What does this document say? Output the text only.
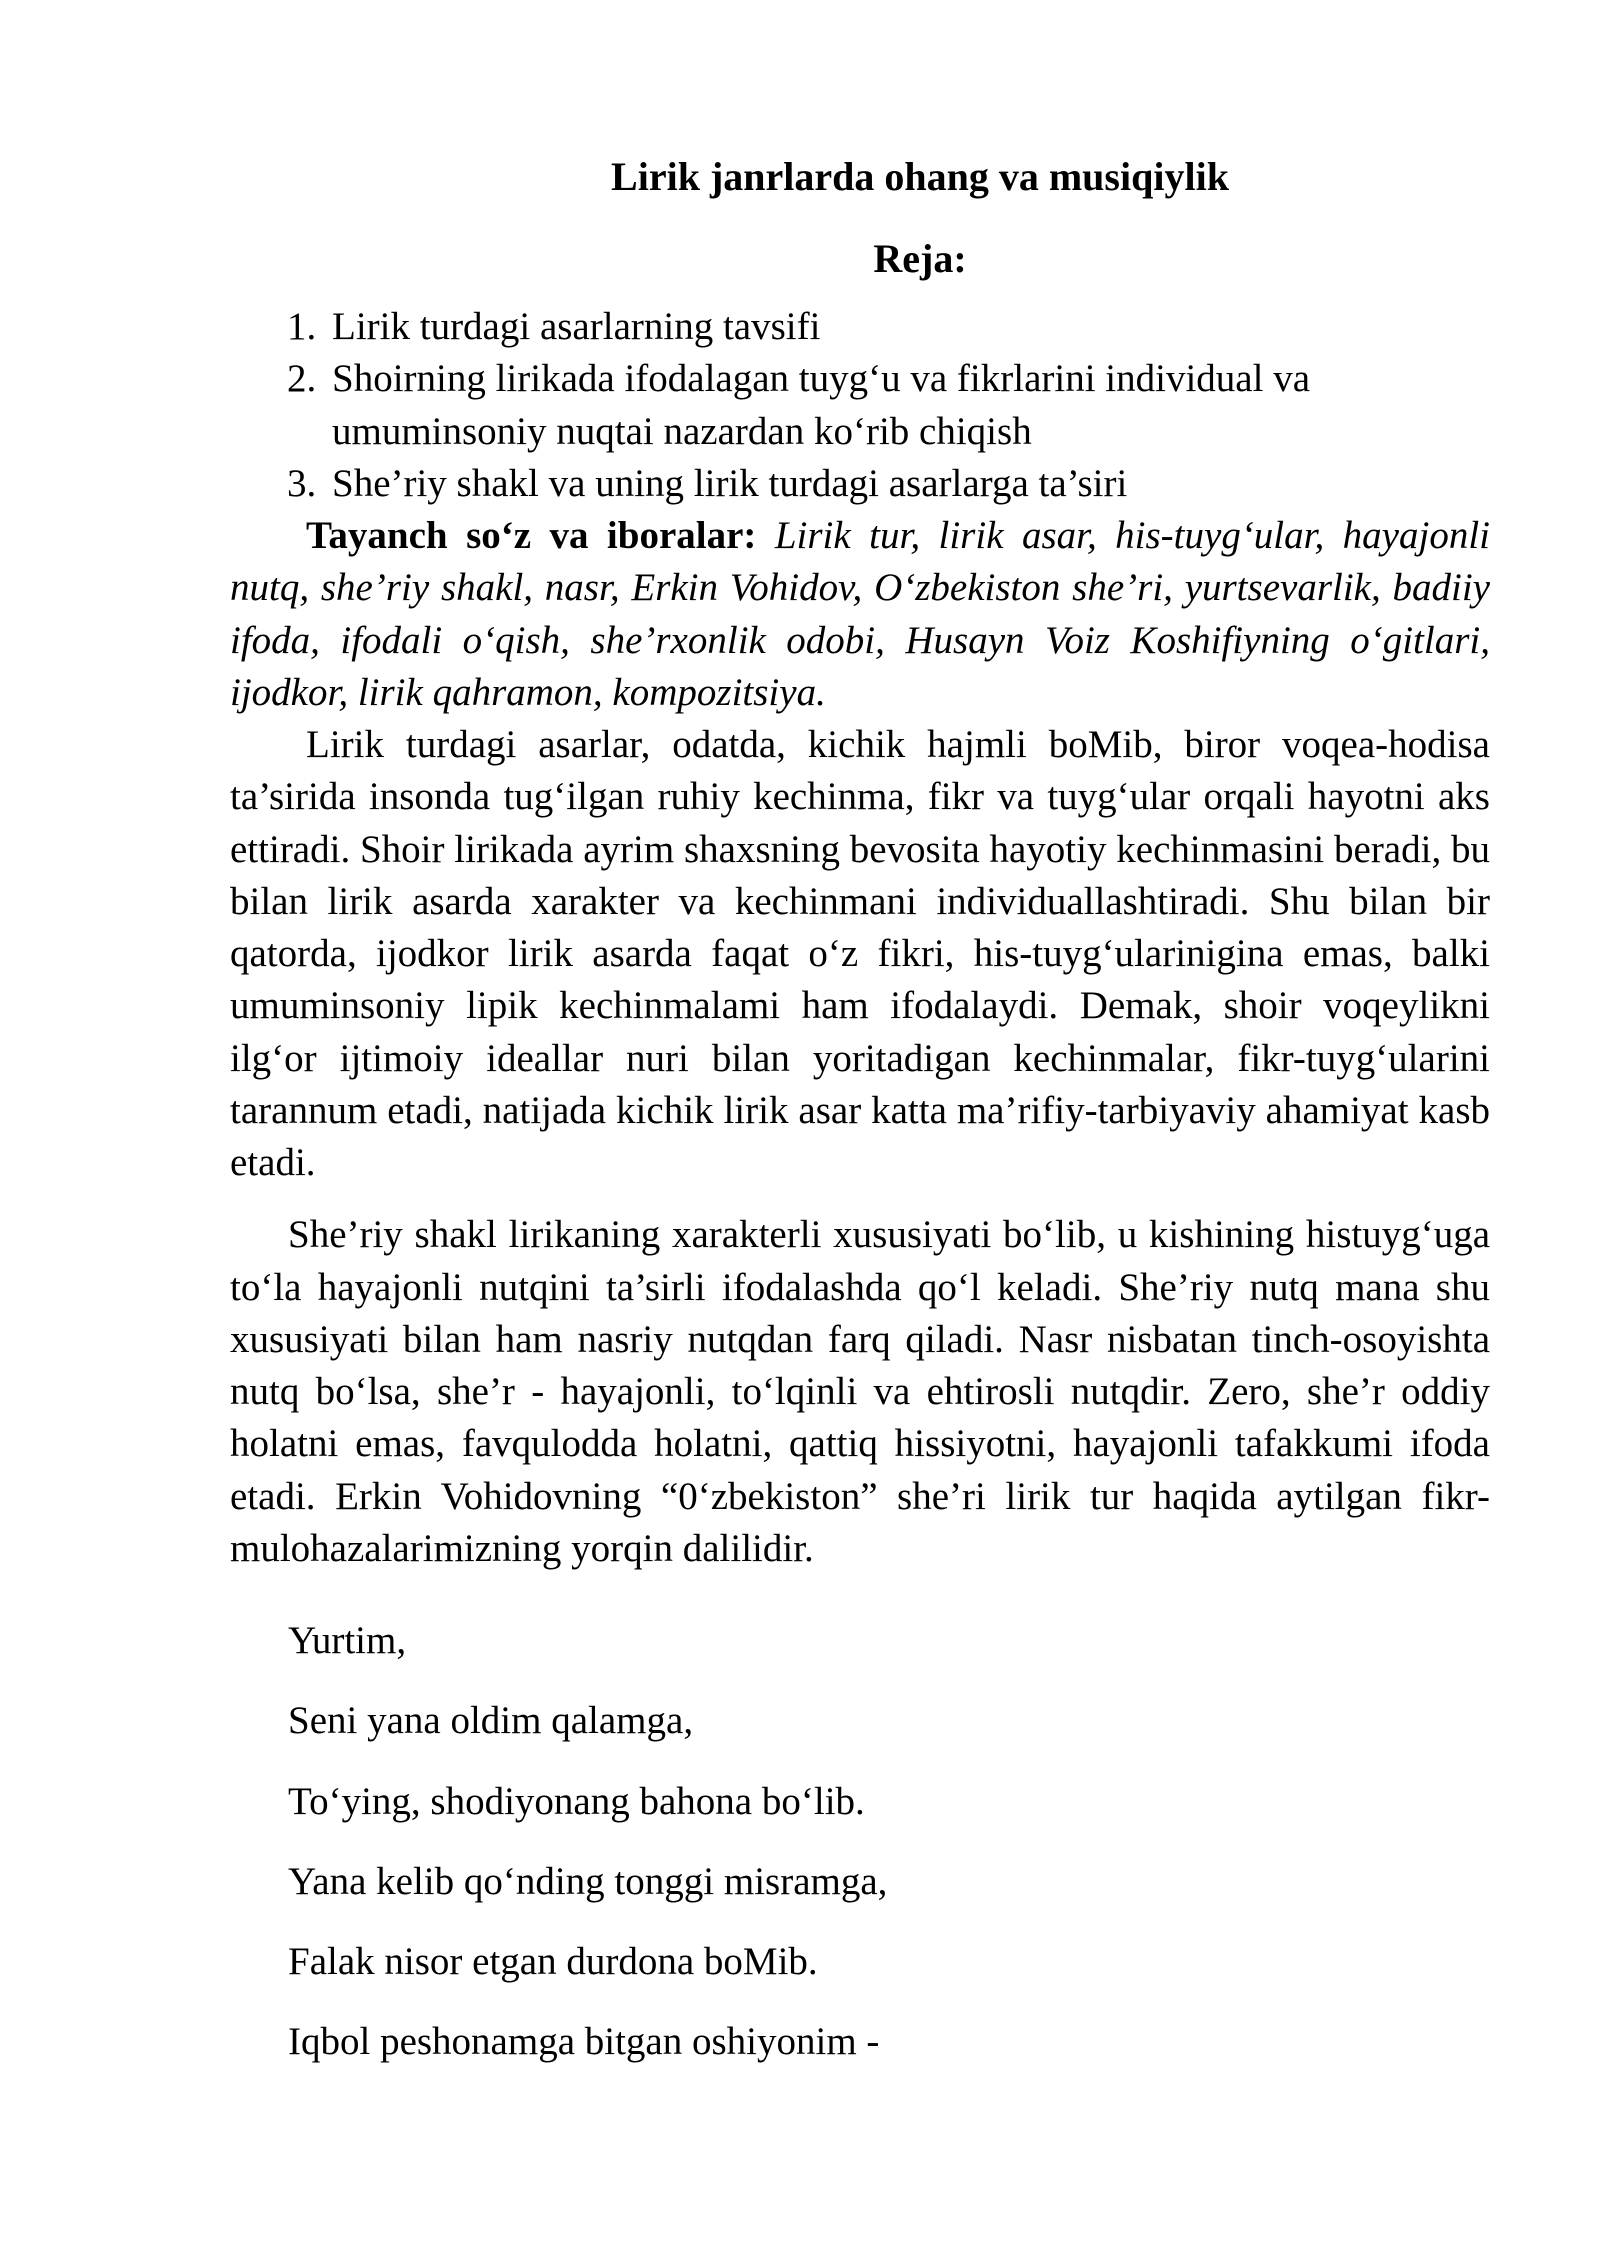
Lirik janrlarda ohang va musiqiylik
Reja:
1. Lirik turdagi asarlarning tavsifi
2. Shoirning lirikada ifodalagan tuyg‘u va fikrlarini individual va umuminsoniy nuqtai nazardan ko‘rib chiqish
3. She’riy shakl va uning lirik turdagi asarlarga ta’siri

Tayanch so‘z va iboralar: Lirik tur, lirik asar, his-tuyg‘ular, hayajonli nutq, she’riy shakl, nasr, Erkin Vohidov, O‘zbekiston she’ri, yurtsevarlik, badiiy ifoda, ifodali o‘qish, she’rxonlik odobi, Husayn Voiz Koshifiyning o‘gitlari, ijodkor, lirik qahramon, kompozitsiya.

Lirik turdagi asarlar, odatda, kichik hajmli boMib, biror voqea-hodisa ta’sirida insonda tug‘ilgan ruhiy kechinma, fikr va tuyg‘ular orqali hayotni aks ettiradi. Shoir lirikada ayrim shaxsning bevosita hayotiy kechinmasini beradi, bu bilan lirik asarda xarakter va kechinmani individuallashtiradi. Shu bilan bir qatorda, ijodkor lirik asarda faqat o‘z fikri, his-tuyg‘ularinigina emas, balki umuminsoniy lipik kechinmalami ham ifodalaydi. Demak, shoir voqeylikni ilg‘or ijtimoiy ideallar nuri bilan yoritadigan kechinmalar, fikr-tuyg‘ularini tarannum etadi, natijada kichik lirik asar katta ma’rifiy-tarbiyaviy ahamiyat kasb etadi.

She’riy shakl lirikaning xarakterli xususiyati bo‘lib, u kishining histuyg‘uga to‘la hayajonli nutqini ta’sirli ifodalashda qo‘l keladi. She’riy nutq mana shu xususiyati bilan ham nasriy nutqdan farq qiladi. Nasr nisbatan tinch-osoyishta nutq bo‘lsa, she’r - hayajonli, to‘lqinli va ehtirosli nutqdir. Zero, she’r oddiy holatni emas, favqulodda holatni, qattiq hissiyotni, hayajonli tafakkumi ifoda etadi. Erkin Vohidovning “0‘zbekiston” she’ri lirik tur haqida aytilgan fikr-mulohazalarimizning yorqin dalilidir.

Yurtim,
Seni yana oldim qalamga,
To‘ying, shodiyonang bahona bo‘lib.
Yana kelib qo‘nding tonggi misramga,
Falak nisor etgan durdona boMib.
Iqbol peshonamga bitgan oshiyonim -
